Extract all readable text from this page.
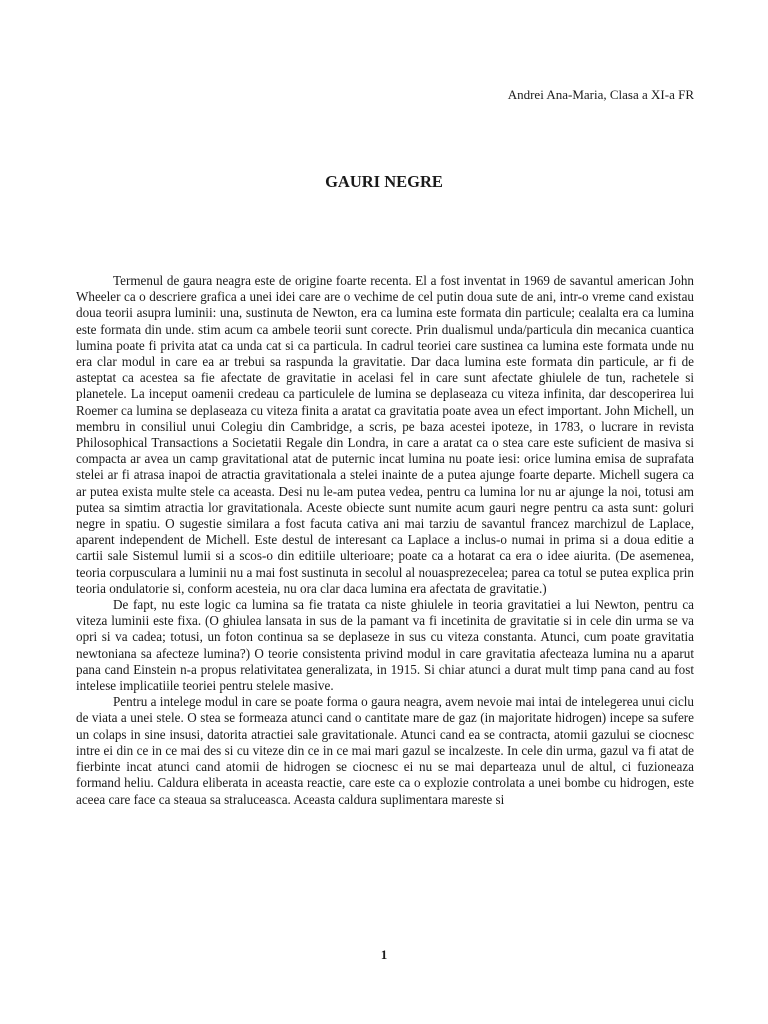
Andrei Ana-Maria, Clasa a XI-a FR
GAURI NEGRE

Termenul de gaura neagra este de origine foarte recenta. El a fost inventat in 1969 de savantul american John Wheeler ca o descriere grafica a unei idei care are o vechime de cel putin doua sute de ani, intr-o vreme cand existau doua teorii asupra luminii: una, sustinuta de Newton, era ca lumina este formata din particule; cealalta era ca lumina este formata din unde. stim acum ca ambele teorii sunt corecte. Prin dualismul unda/particula din mecanica cuantica lumina poate fi privita atat ca unda cat si ca particula. In cadrul teoriei care sustinea ca lumina este formata unde nu era clar modul in care ea ar trebui sa raspunda la gravitatie. Dar daca lumina este formata din particule, ar fi de asteptat ca acestea sa fie afectate de gravitatie in acelasi fel in care sunt afectate ghiulele de tun, rachetele si planetele. La inceput oamenii credeau ca particulele de lumina se deplaseaza cu viteza infinita, dar descoperirea lui Roemer ca lumina se deplaseaza cu viteza finita a aratat ca gravitatia poate avea un efect important. John Michell, un membru in consiliul unui Colegiu din Cambridge, a scris, pe baza acestei ipoteze, in 1783, o lucrare in revista Philosophical Transactions a Societatii Regale din Londra, in care a aratat ca o stea care este suficient de masiva si compacta ar avea un camp gravitational atat de puternic incat lumina nu poate iesi: orice lumina emisa de suprafata stelei ar fi atrasa inapoi de atractia gravitationala a stelei inainte de a putea ajunge foarte departe. Michell sugera ca ar putea exista multe stele ca aceasta. Desi nu le-am putea vedea, pentru ca lumina lor nu ar ajunge la noi, totusi am putea sa simtim atractia lor gravitationala. Aceste obiecte sunt numite acum gauri negre pentru ca asta sunt: goluri negre in spatiu. O sugestie similara a fost facuta cativa ani mai tarziu de savantul francez marchizul de Laplace, aparent independent de Michell. Este destul de interesant ca Laplace a inclus-o numai in prima si a doua editie a cartii sale Sistemul lumii si a scos-o din editiile ulterioare; poate ca a hotarat ca era o idee aiurita. (De asemenea, teoria corpusculara a luminii nu a mai fost sustinuta in secolul al nouasprezecelea; parea ca totul se putea explica prin teoria ondulatorie si, conform acesteia, nu ora clar daca lumina era afectata de gravitatie.)

De fapt, nu este logic ca lumina sa fie tratata ca niste ghiulele in teoria gravitatiei a lui Newton, pentru ca viteza luminii este fixa. (O ghiulea lansata in sus de la pamant va fi incetinita de gravitatie si in cele din urma se va opri si va cadea; totusi, un foton continua sa se deplaseze in sus cu viteza constanta. Atunci, cum poate gravitatia newtoniana sa afecteze lumina?) O teorie consistenta privind modul in care gravitatia afecteaza lumina nu a aparut pana cand Einstein n-a propus relativitatea generalizata, in 1915. Si chiar atunci a durat mult timp pana cand au fost intelese implicatiile teoriei pentru stelele masive.

Pentru a intelege modul in care se poate forma o gaura neagra, avem nevoie mai intai de intelegerea unui ciclu de viata a unei stele. O stea se formeaza atunci cand o cantitate mare de gaz (in majoritate hidrogen) incepe sa sufere un colaps in sine insusi, datorita atractiei sale gravitationale. Atunci cand ea se contracta, atomii gazului se ciocnesc intre ei din ce in ce mai des si cu viteze din ce in ce mai mari gazul se incalzeste. In cele din urma, gazul va fi atat de fierbinte incat atunci cand atomii de hidrogen se ciocnesc ei nu se mai departeaza unul de altul, ci fuzioneaza formand heliu. Caldura eliberata in aceasta reactie, care este ca o explozie controlata a unei bombe cu hidrogen, este aceea care face ca steaua sa straluceasca. Aceasta caldura suplimentara mareste si

1
